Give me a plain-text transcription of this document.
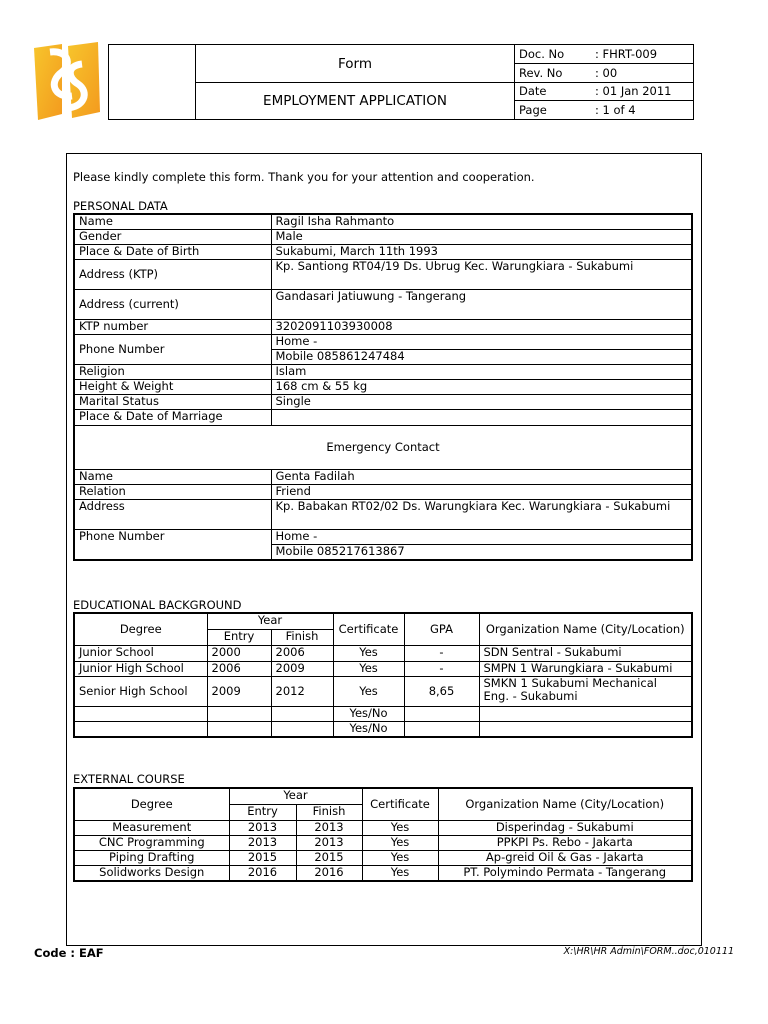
Form
EMPLOYMENT APPLICATION
Doc. No	: FHRT-009
Rev. No	: 00
Date	: 01 Jan 2011
Page	: 1 of 4
Please kindly complete this form. Thank you for your attention and cooperation.
PERSONAL DATA
Name	Ragil Isha Rahmanto
Gender	Male
Place & Date of Birth	Sukabumi, March 11th 1993
Address (KTP)	Kp. Santiong RT04/19 Ds. Ubrug Kec. Warungkiara - Sukabumi
Address (current)	Gandasari Jatiuwung - Tangerang
KTP number	3202091103930008
Phone Number	Home -
	Mobile 085861247484
Religion	Islam
Height & Weight	168 cm & 55 kg
Marital Status	Single
Place & Date of Marriage	
Emergency Contact	
Name	Genta Fadilah
Relation	Friend
Address	Kp. Babakan RT02/02 Ds. Warungkiara Kec. Warungkiara - Sukabumi
Phone Number	Home -
	Mobile 085217613867
EDUCATIONAL BACKGROUND
Degree	Year		Certificate	GPA	Organization Name (City/Location)
	Entry	Finish			
Junior School	2000	2006	Yes	-	SDN Sentral - Sukabumi
Junior High School	2006	2009	Yes	-	SMPN 1 Warungkiara - Sukabumi
Senior High School	2009	2012	Yes	8,65	SMKN 1 Sukabumi Mechanical
Eng. - Sukabumi

			Yes/No		
			Yes/No		
EXTERNAL COURSE
Degree	Year		Certificate	Organization Name (City/Location)
	Entry	Finish		
Measurement	2013	2013	Yes	Disperindag - Sukabumi
CNC Programming	2013	2013	Yes	PPKPI Ps. Rebo - Jakarta
Piping Drafting	2015	2015	Yes	Ap-greid Oil & Gas - Jakarta
Solidworks Design	2016	2016	Yes	PT. Polymindo Permata - Tangerang
Code : EAF	X:\HR\HR Admin\FORM..doc,010111
